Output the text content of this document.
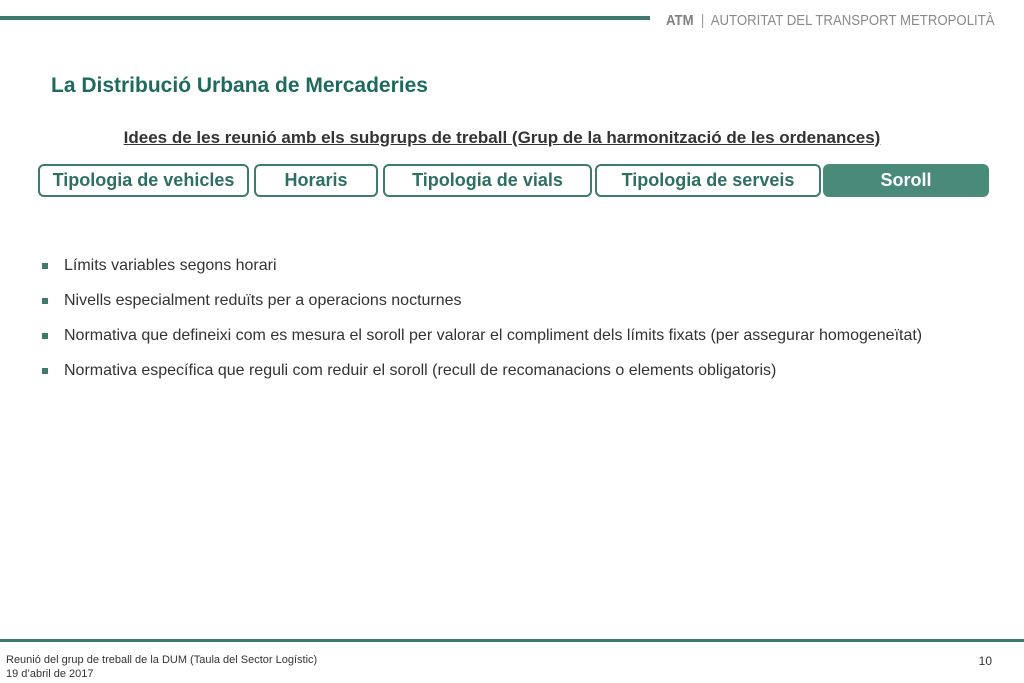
ATM | AUTORITAT DEL TRANSPORT METROPOLITÀ
La Distribució Urbana de Mercaderies
Idees de les reunió amb els subgrups de treball (Grup de la harmonització de les ordenances)
Tipologia de vehicles	Horaris	Tipologia de vials	Tipologia de serveis	Soroll
Límits variables segons horari
Nivells especialment reduïts per a operacions nocturnes
Normativa que defineixi com es mesura el soroll per valorar el compliment dels límits fixats (per assegurar homogeneïtat)
Normativa específica que reguli com reduir el soroll (recull de recomanacions o elements obligatoris)
Reunió del grup de treball de la DUM (Taula del Sector Logístic)
19 d’abril de 2017
10
